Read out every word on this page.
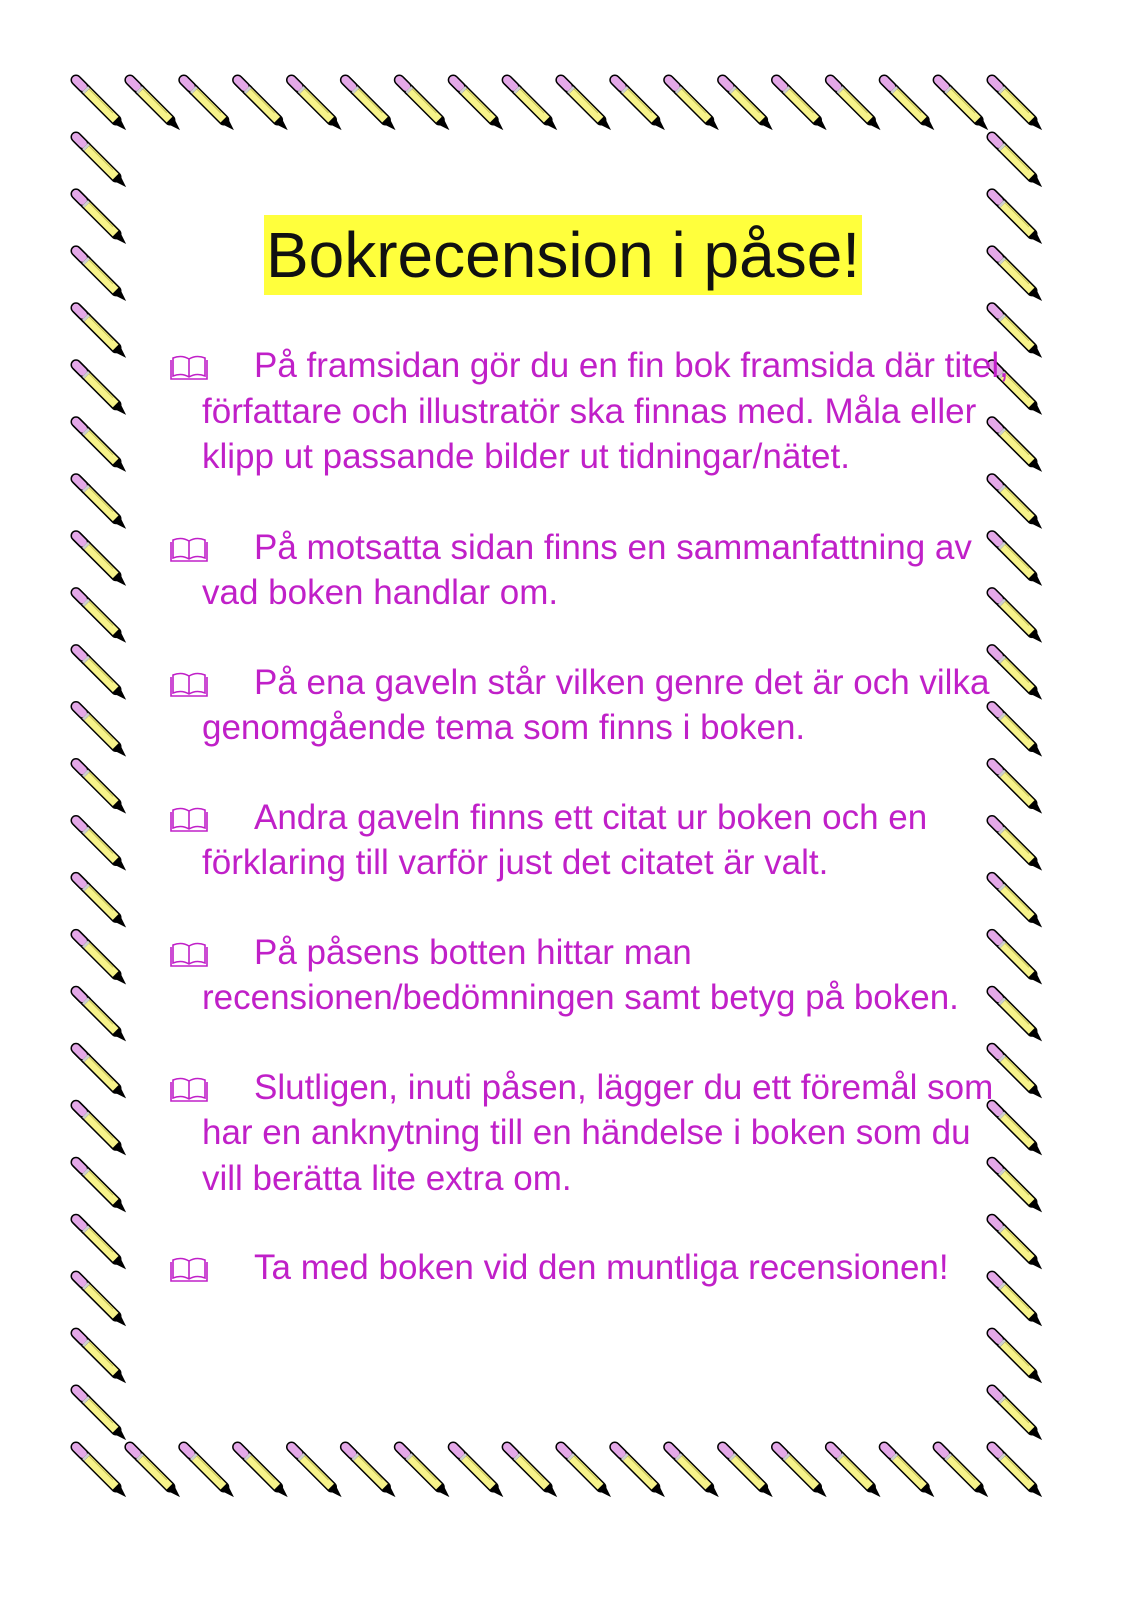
Bokrecension i påse!
På framsidan gör du en fin bok framsida där titel, författare och illustratör ska finnas med. Måla eller klipp ut passande bilder ut tidningar/nätet.
På motsatta sidan finns en sammanfattning av vad boken handlar om.
På ena gaveln står vilken genre det är och vilka genomgående tema som finns i boken.
Andra gaveln finns ett citat ur boken och en förklaring till varför just det citatet är valt.
På påsens botten hittar man recensionen/bedömningen samt betyg på boken.
Slutligen, inuti påsen, lägger du ett föremål som har en anknytning till en händelse i boken som du vill berätta lite extra om.
Ta med boken vid den muntliga recensionen!
